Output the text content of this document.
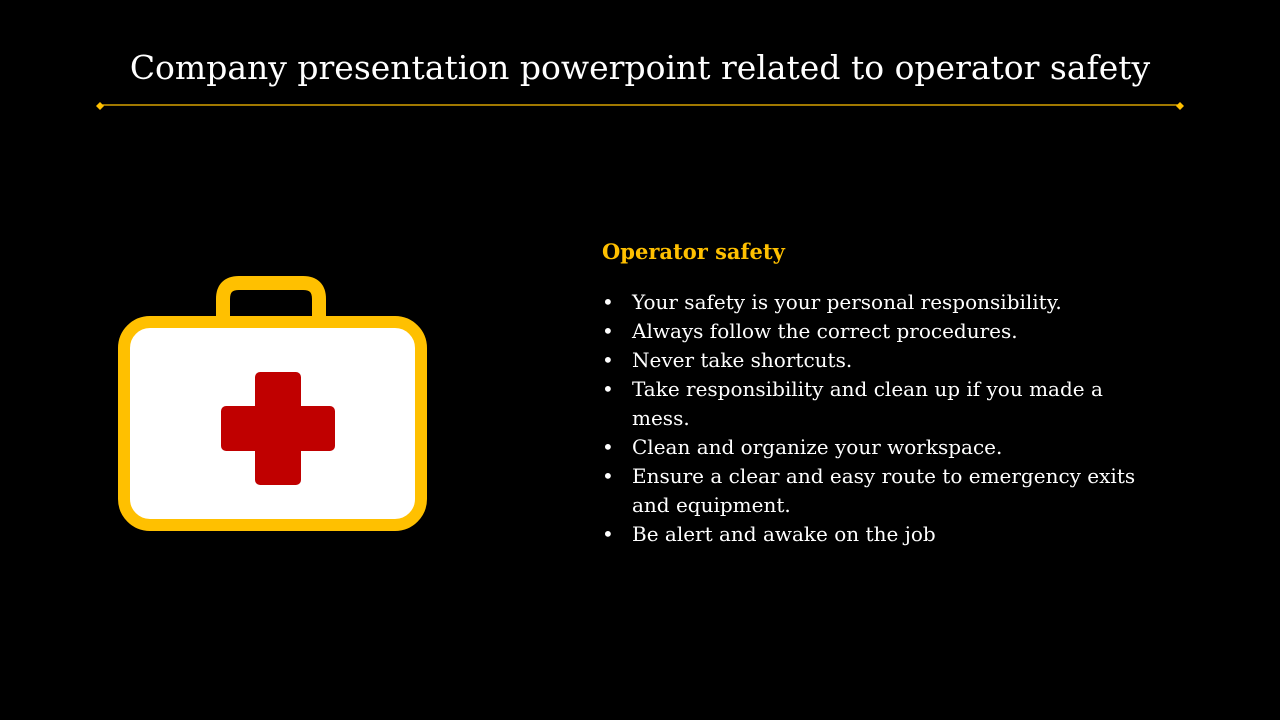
Company presentation powerpoint related to operator safety
Operator safety
• Your safety is your personal responsibility.
• Always follow the correct procedures.
• Never take shortcuts.
• Take responsibility and clean up if you made a mess.
• Clean and organize your workspace.
• Ensure a clear and easy route to emergency exits and equipment.
• Be alert and awake on the job
